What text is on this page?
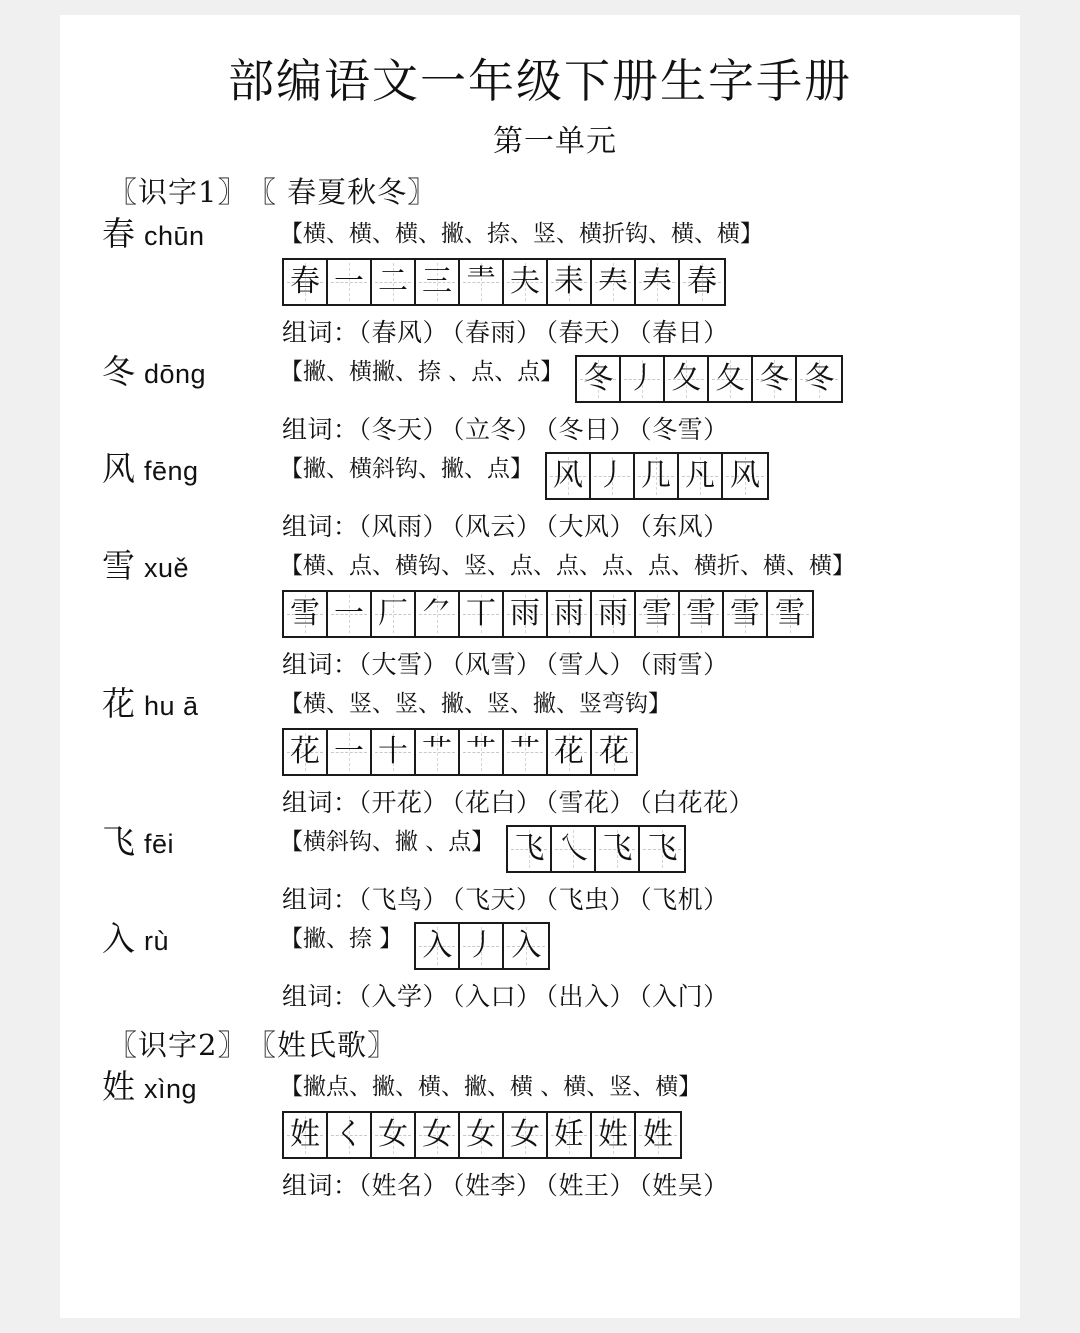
部编语文一年级下册生字手册
第一单元
〖识字1〗 〖 春夏秋冬〗
春 chūn	【横、横、横、撇、捺、竖、横折钩、横、横】
春 一 二 三 龶 夫 耒 𡗗 𡗗 春
组词：（春风） （春雨） （春天） （春日）
冬 dōng	【撇、横撇、捺 、点、点】 冬 丿 夂 夂 冬 冬
组词：（冬天） （立冬） （冬日） （冬雪）
风 fēng	【撇、横斜钩、撇、点】 风 丿 几 凡 风
组词：（风雨） （风云） （大风） （东风）
雪 xuě	【横、点、横钩、竖、点、点、点、点、横折、横、横】
雪 一 厂 ⺈ 丅 雨 雨 雨 雪 雪 雪 雪
组词：（大雪） （风雪） （雪人） （雨雪）
花 hu ā	【横、竖、竖、撇、竖、撇、竖弯钩】
花 一 十 艹 艹 艹 花 花
组词：（开花） （花白） （雪花） （白花花）
飞 fēi	【横斜钩、撇 、点】 飞 乀 飞 飞
组词：（飞鸟） （飞天） （飞虫） （飞机）
入 rù	【撇、捺 】 入 丿 入
组词：（入学） （入口） （出入） （入门）
〖识字2〗 〖姓氏歌〗
姓 xìng	【撇点、撇、横、撇、横 、横、竖、横】
姓 く 女 女 女 女 妊 姓 姓
组词：（姓名） （姓李） （姓王） （姓吴）
